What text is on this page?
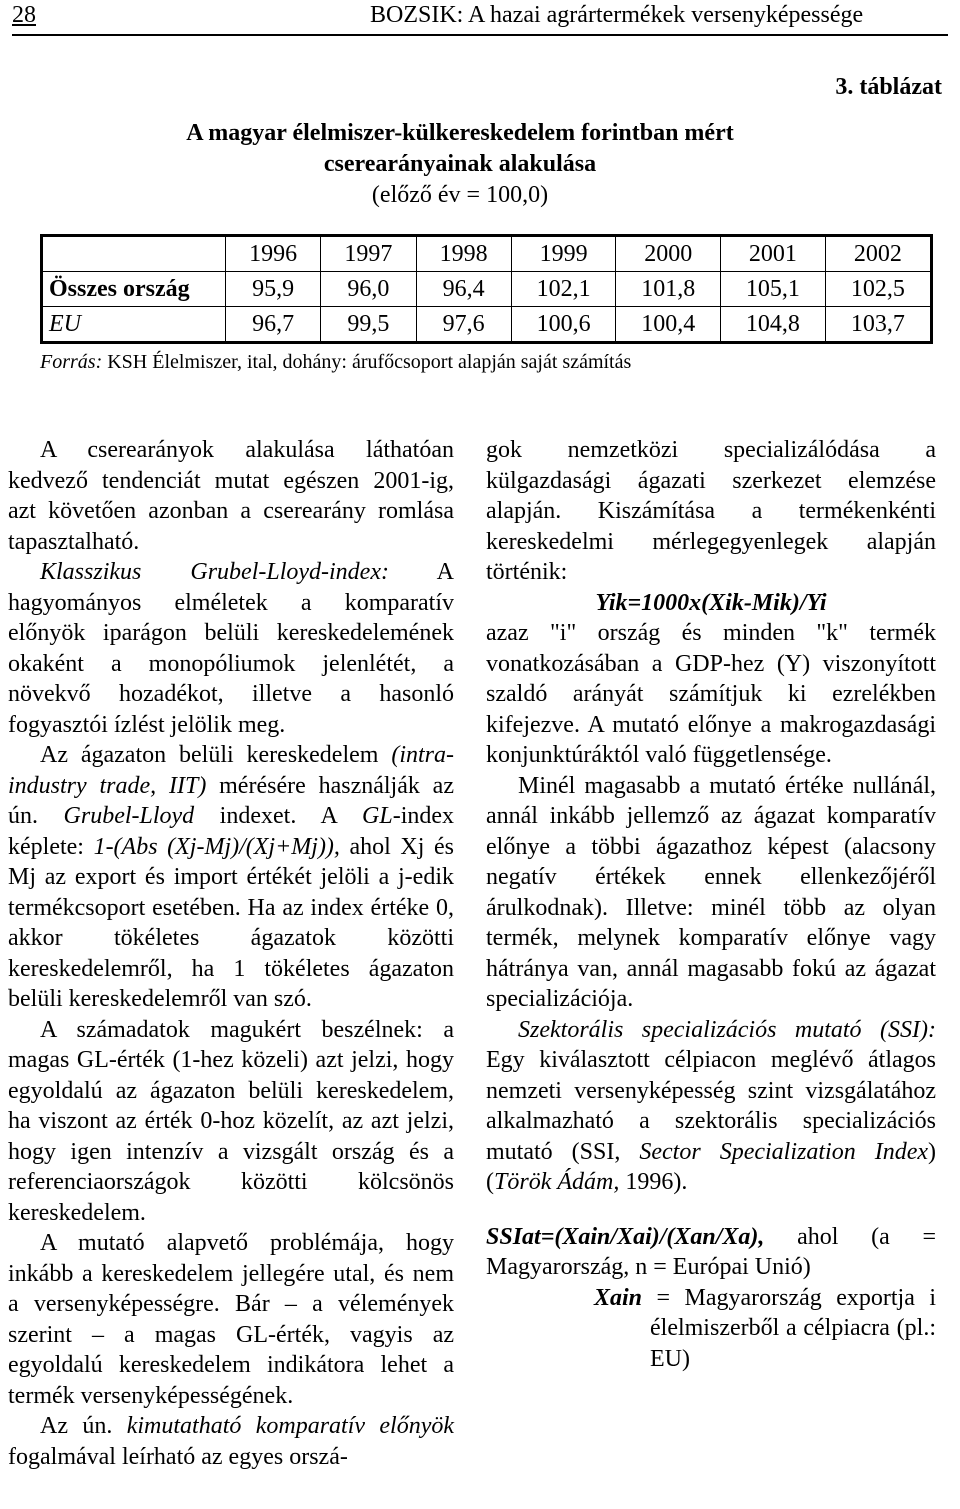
28	BOZSIK: A hazai agrártermékek versenyképessége
3. táblázat
A magyar élelmiszer-külkereskedelem forintban mért
cserearányainak alakulása
(előző év = 100,0)
	1996	1997	1998	1999	2000	2001	2002
Összes ország	95,9	96,0	96,4	102,1	101,8	105,1	102,5
EU	96,7	99,5	97,6	100,6	100,4	104,8	103,7
Forrás: KSH Élelmiszer, ital, dohány: árufőcsoport alapján saját számítás

A cserearányok alakulása láthatóan kedvező tendenciát mutat egészen 2001-ig, azt követően azonban a cserearány romlása tapasztalható.

Klasszikus Grubel-Lloyd-index: A hagyományos elméletek a komparatív előnyök iparágon belüli kereskedelemének okaként a monopóliumok jelenlétét, a növekvő hozadékot, illetve a hasonló fogyasztói ízlést jelölik meg.

Az ágazaton belüli kereskedelem (intra-industry trade, IIT) mérésére használják az ún. Grubel-Lloyd indexet. A GL-index képlete: 1-(Abs (Xj-Mj)/(Xj+Mj)), ahol Xj és Mj az export és import értékét jelöli a j-edik termékcsoport esetében. Ha az index értéke 0, akkor tökéletes ágazatok közötti kereskedelemről, ha 1 tökéletes ágazaton belüli kereskedelemről van szó.

A számadatok magukért beszélnek: a magas GL-érték (1-hez közeli) azt jelzi, hogy egyoldalú az ágazaton belüli kereskedelem, ha viszont az érték 0-hoz közelít, az azt jelzi, hogy igen intenzív a vizsgált ország és a referenciaországok közötti kölcsönös kereskedelem.

A mutató alapvető problémája, hogy inkább a kereskedelem jellegére utal, és nem a versenyképességre. Bár – a vélemények szerint – a magas GL-érték, vagyis az egyoldalú kereskedelem indikátora lehet a termék versenyképességének.

Az ún. kimutatható komparatív előnyök fogalmával leírható az egyes orszá-

gok nemzetközi specializálódása a külgazdasági ágazati szerkezet elemzése alapján. Kiszámítása a termékenkénti kereskedelmi mérlegegyenlegek alapján történik:

Yik=1000x(Xik-Mik)/Yi

azaz "i" ország és minden "k" termék vonatkozásában a GDP-hez (Y) viszonyított szaldó arányát számítjuk ki ezrelékben kifejezve. A mutató előnye a makrogazdasági konjunktúráktól való függetlensége.

Minél magasabb a mutató értéke nullánál, annál inkább jellemző az ágazat komparatív előnye a többi ágazathoz képest (alacsony negatív értékek ennek ellenkezőjéről árulkodnak). Illetve: minél több az olyan termék, melynek komparatív előnye vagy hátránya van, annál magasabb fokú az ágazat specializációja.

Szektorális specializációs mutató (SSI): Egy kiválasztott célpiacon meglévő átlagos nemzeti versenyképesség szint vizsgálatához alkalmazható a szektorális specializációs mutató (SSI, Sector Specialization Index) (Török Ádám, 1996).

SSIat=(Xain/Xai)/(Xan/Xa), ahol (a = Magyarország, n = Európai Unió)

Xain = Magyarország exportja i élelmiszerből a célpiacra (pl.: EU)
